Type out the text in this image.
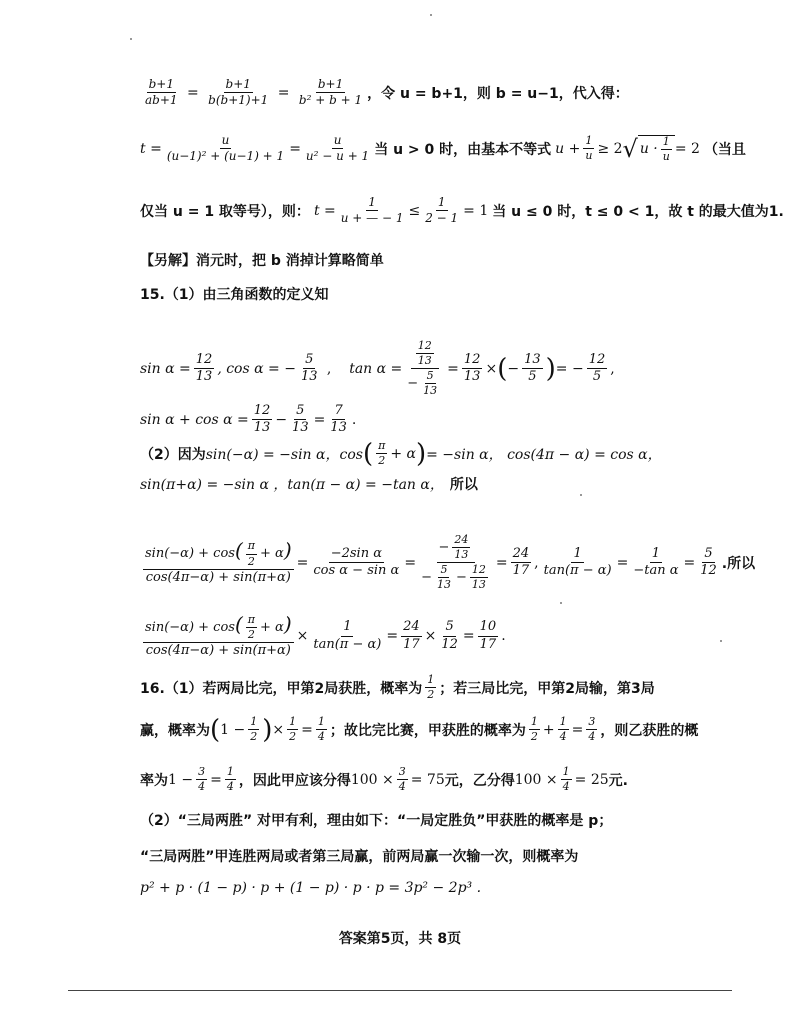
$\frac{b+1}{ab+1} = \frac{b+1}{b(b+1)+1} = \frac{b+1}{\text{b² + b + 1}}$ ，令 u = b+1，则 b = u−1，代入得：
$t = \frac{u}{\text{(u−1)² + (u−1) + 1}} = \frac{u}{\text{u² − u + 1}}$ 当 u > 0 时，由基本不等式 $u + \frac{1}{u} \ge 2$ √ $u \cdot \frac{1}{u} = 2$ （当且
仅当 u = 1 取等号），则： $t = \frac{1}{u + — - 1} \le \frac{1}{2 - 1} = 1$ 当 u ≤ 0 时，t ≤ 0 < 1，故 t 的最大值为1.
【另解】消元时，把 b 消掉计算略简单
15.（1）由三角函数的定义知
$\sin \alpha = \frac{12}{13}$ , cos α = − $\frac{5}{13}$ , $\tan \alpha = \frac{\frac{12}{13}}{- \frac{5}{13}} = \frac{12}{13}$ × ( − $\frac{13}{5}$ ) = − $\frac{12}{5}$ ,
$\sin \alpha + \cos \alpha = \frac{12}{13} - \frac{5}{13} = \frac{7}{13}$ .
（2）因为 sin(−α) = −sin α，cos ( $\frac{\pi}{2} + \alpha$ ) = −sin α， cos(4π − α) = cos α，
sin(π+α) = −sin α ，tan(π − α) = −tan α， 所以
$\frac{\sin(-\alpha) + \cos( \frac{\pi}{2} + \alpha)}{\cos(4\pi-\alpha) + \sin(\pi+\alpha)} = \frac{\text{−2sin α}}{\text{cos α − sin α}} = \frac{- \frac{24}{13}}{- \frac{5}{13} - \frac{12}{13}} = \frac{24}{17}$ , $\frac{1}{\tan(\pi - \alpha)} = \frac{1}{\text{−tan α}} = \frac{5}{12}$ .所以
$\frac{\sin(-\alpha) + \cos( \frac{\pi}{2} + \alpha)}{\cos(4\pi-\alpha) + \sin(\pi+\alpha)} \times \frac{1}{\tan(\pi - \alpha)} = \frac{24}{17} \times \frac{5}{12} = \frac{10}{17}$ .
16.（1）若两局比完，甲第2局获胜，概率为 $\frac{1}{2}$ ；若三局比完，甲第2局输，第3局
赢，概率为 ( $1 - \frac{1}{2}$ ) × $\frac{1}{2} = \frac{1}{4}$ ；故比完比赛，甲获胜的概率为 $\frac{1}{2} + \frac{1}{4} = \frac{3}{4}$ ，则乙获胜的概
率为 $1 - \frac{3}{4} = \frac{1}{4}$ ，因此甲应该分得 $100 \times \frac{3}{4} = 75$ 元，乙分得 $100 \times \frac{1}{4} = 25$ 元.
（2）“三局两胜” 对甲有利，理由如下：“一局定胜负”甲获胜的概率是 p；
“三局两胜”甲连胜两局或者第三局赢，前两局赢一次输一次，则概率为
p² + p · (1 − p) · p + (1 − p) · p · p = 3p² − 2p³ .
答案第5页，共 8页
